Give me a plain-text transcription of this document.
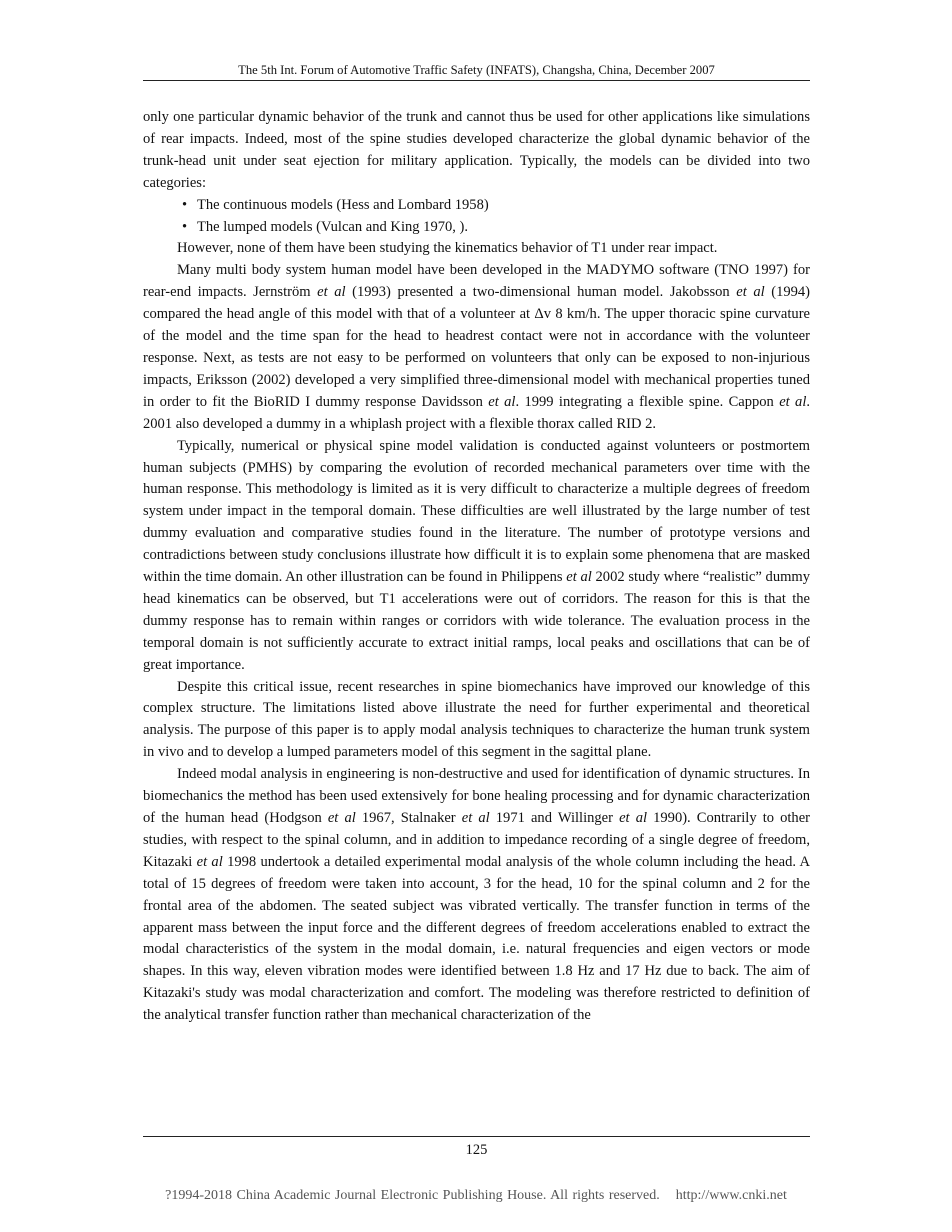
The 5th Int. Forum of Automotive Traffic Safety (INFATS), Changsha, China, December 2007

only one particular dynamic behavior of the trunk and cannot thus be used for other applications like simulations of rear impacts. Indeed, most of the spine studies developed characterize the global dynamic behavior of the trunk-head unit under seat ejection for military application. Typically, the models can be divided into two categories:

• The continuous models (Hess and Lombard 1958)
• The lumped models (Vulcan and King 1970, ).

However, none of them have been studying the kinematics behavior of T1 under rear impact.

Many multi body system human model have been developed in the MADYMO software (TNO 1997) for rear-end impacts. Jernström et al (1993) presented a two-dimensional human model. Jakobsson et al (1994) compared the head angle of this model with that of a volunteer at Δv 8 km/h. The upper thoracic spine curvature of the model and the time span for the head to headrest contact were not in accordance with the volunteer response. Next, as tests are not easy to be performed on volunteers that only can be exposed to non-injurious impacts, Eriksson (2002) developed a very simplified three-dimensional model with mechanical properties tuned in order to fit the BioRID I dummy response Davidsson et al. 1999 integrating a flexible spine. Cappon et al. 2001 also developed a dummy in a whiplash project with a flexible thorax called RID 2.

Typically, numerical or physical spine model validation is conducted against volunteers or postmortem human subjects (PMHS) by comparing the evolution of recorded mechanical parameters over time with the human response. This methodology is limited as it is very difficult to characterize a multiple degrees of freedom system under impact in the temporal domain. These difficulties are well illustrated by the large number of test dummy evaluation and comparative studies found in the literature. The number of prototype versions and contradictions between study conclusions illustrate how difficult it is to explain some phenomena that are masked within the time domain. An other illustration can be found in Philippens et al 2002 study where “realistic” dummy head kinematics can be observed, but T1 accelerations were out of corridors. The reason for this is that the dummy response has to remain within ranges or corridors with wide tolerance. The evaluation process in the temporal domain is not sufficiently accurate to extract initial ramps, local peaks and oscillations that can be of great importance.

Despite this critical issue, recent researches in spine biomechanics have improved our knowledge of this complex structure. The limitations listed above illustrate the need for further experimental and theoretical analysis. The purpose of this paper is to apply modal analysis techniques to characterize the human trunk system in vivo and to develop a lumped parameters model of this segment in the sagittal plane.

Indeed modal analysis in engineering is non-destructive and used for identification of dynamic structures. In biomechanics the method has been used extensively for bone healing processing and for dynamic characterization of the human head (Hodgson et al 1967, Stalnaker et al 1971 and Willinger et al 1990). Contrarily to other studies, with respect to the spinal column, and in addition to impedance recording of a single degree of freedom, Kitazaki et al 1998 undertook a detailed experimental modal analysis of the whole column including the head. A total of 15 degrees of freedom were taken into account, 3 for the head, 10 for the spinal column and 2 for the frontal area of the abdomen. The seated subject was vibrated vertically. The transfer function in terms of the apparent mass between the input force and the different degrees of freedom accelerations enabled to extract the modal characteristics of the system in the modal domain, i.e. natural frequencies and eigen vectors or mode shapes. In this way, eleven vibration modes were identified between 1.8 Hz and 17 Hz due to back. The aim of Kitazaki's study was modal characterization and comfort. The modeling was therefore restricted to definition of the analytical transfer function rather than mechanical characterization of the

125
?1994-2018 China Academic Journal Electronic Publishing House. All rights reserved. http://www.cnki.net
